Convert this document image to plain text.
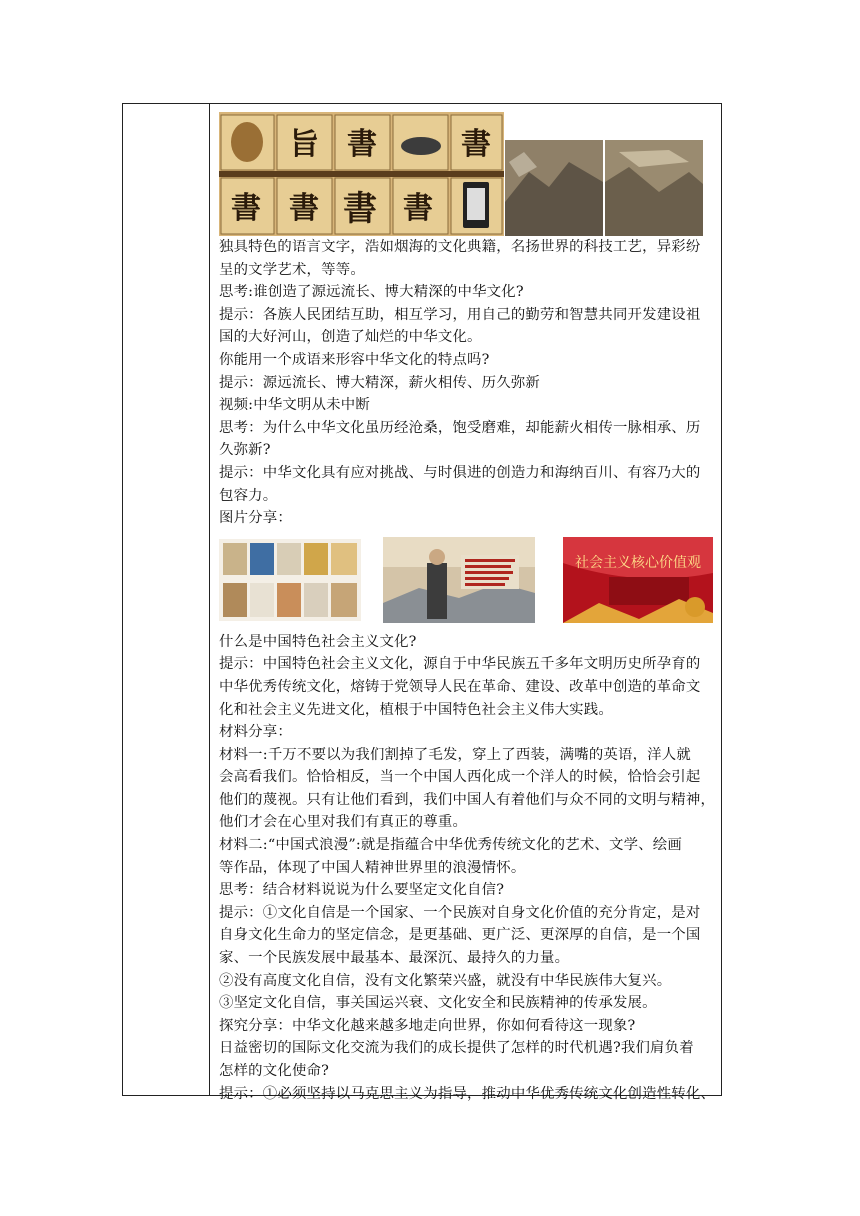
旨 書	書
書 書 書 書
独具特色的语言文字，浩如烟海的文化典籍，名扬世界的科技工艺，异彩纷
呈的文学艺术，等等。
思考:谁创造了源远流长、博大精深的中华文化?
提示：各族人民团结互助，相互学习，用自己的勤劳和智慧共同开发建设祖
国的大好河山，创造了灿烂的中华文化。
你能用一个成语来形容中华文化的特点吗?
提示：源远流长、博大精深，薪火相传、历久弥新
视频:中华文明从未中断
思考：为什么中华文化虽历经沧桑，饱受磨难，却能薪火相传一脉相承、历
久弥新?
提示：中华文化具有应对挑战、与时俱进的创造力和海纳百川、有容乃大的
包容力。
图片分享：
社会主义核心价值观
什么是中国特色社会主义文化?
提示：中国特色社会主义文化，源自于中华民族五千多年文明历史所孕育的
中华优秀传统文化，熔铸于党领导人民在革命、建设、改革中创造的革命文
化和社会主义先进文化，植根于中国特色社会主义伟大实践。
材料分享：
材料一:千万不要以为我们割掉了毛发，穿上了西装，满嘴的英语，洋人就
会高看我们。恰恰相反，当一个中国人西化成一个洋人的时候，恰恰会引起
他们的蔑视。只有让他们看到，我们中国人有着他们与众不同的文明与精神，
他们才会在心里对我们有真正的尊重。
材料二:“中国式浪漫”:就是指蕴合中华优秀传统文化的艺术、文学、绘画
等作品，体现了中国人精神世界里的浪漫情怀。
思考：结合材料说说为什么要坚定文化自信?
提示：①文化自信是一个国家、一个民族对自身文化价值的充分肯定，是对
自身文化生命力的坚定信念，是更基础、更广泛、更深厚的自信，是一个国
家、一个民族发展中最基本、最深沉、最持久的力量。
②没有高度文化自信，没有文化繁荣兴盛，就没有中华民族伟大复兴。
③坚定文化自信，事关国运兴衰、文化安全和民族精神的传承发展。
探究分享：中华文化越来越多地走向世界，你如何看待这一现象?
日益密切的国际文化交流为我们的成长提供了怎样的时代机遇?我们肩负着
怎样的文化使命?
提示：①必须坚持以马克思主义为指导，推动中华优秀传统文化创造性转化、
